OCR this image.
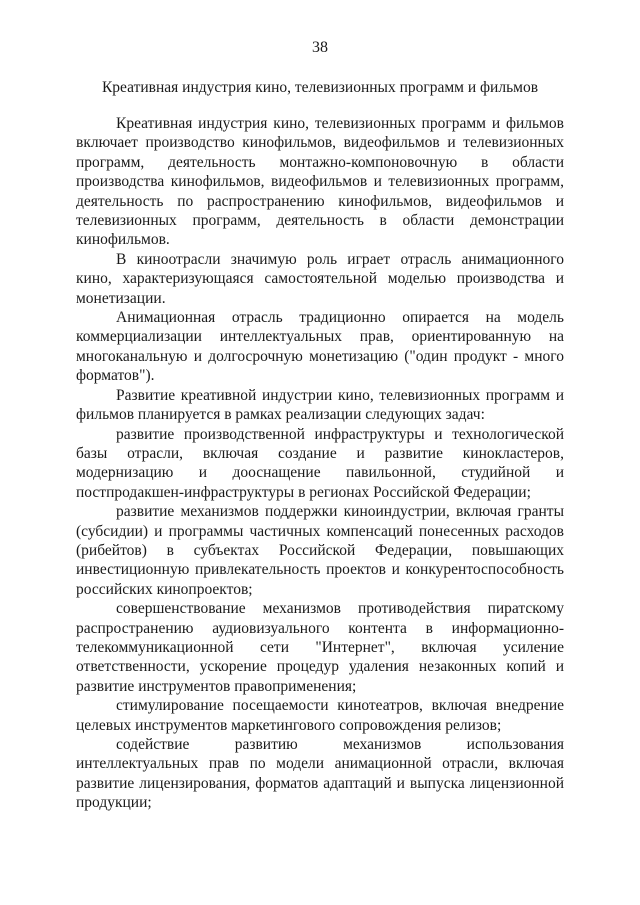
38
Креативная индустрия кино, телевизионных программ и фильмов

Креативная индустрия кино, телевизионных программ и фильмов включает производство кинофильмов, видеофильмов и телевизионных программ, деятельность монтажно-компоновочную в области производства кинофильмов, видеофильмов и телевизионных программ, деятельность по распространению кинофильмов, видеофильмов и телевизионных программ, деятельность в области демонстрации кинофильмов.

В киноотрасли значимую роль играет отрасль анимационного кино, характеризующаяся самостоятельной моделью производства и монетизации.

Анимационная отрасль традиционно опирается на модель коммерциализации интеллектуальных прав, ориентированную на многоканальную и долгосрочную монетизацию ("один продукт - много форматов").

Развитие креативной индустрии кино, телевизионных программ и фильмов планируется в рамках реализации следующих задач:

развитие производственной инфраструктуры и технологической базы отрасли, включая создание и развитие кинокластеров, модернизацию и дооснащение павильонной, студийной и постпродакшен-инфраструктуры в регионах Российской Федерации;

развитие механизмов поддержки киноиндустрии, включая гранты (субсидии) и программы частичных компенсаций понесенных расходов (рибейтов) в субъектах Российской Федерации, повышающих инвестиционную привлекательность проектов и конкурентоспособность российских кинопроектов;

совершенствование механизмов противодействия пиратскому распространению аудиовизуального контента в информационно-телекоммуникационной сети "Интернет", включая усиление ответственности, ускорение процедур удаления незаконных копий и развитие инструментов правоприменения;

стимулирование посещаемости кинотеатров, включая внедрение целевых инструментов маркетингового сопровождения релизов;

содействие развитию механизмов использования интеллектуальных прав по модели анимационной отрасли, включая развитие лицензирования, форматов адаптаций и выпуска лицензионной продукции;
